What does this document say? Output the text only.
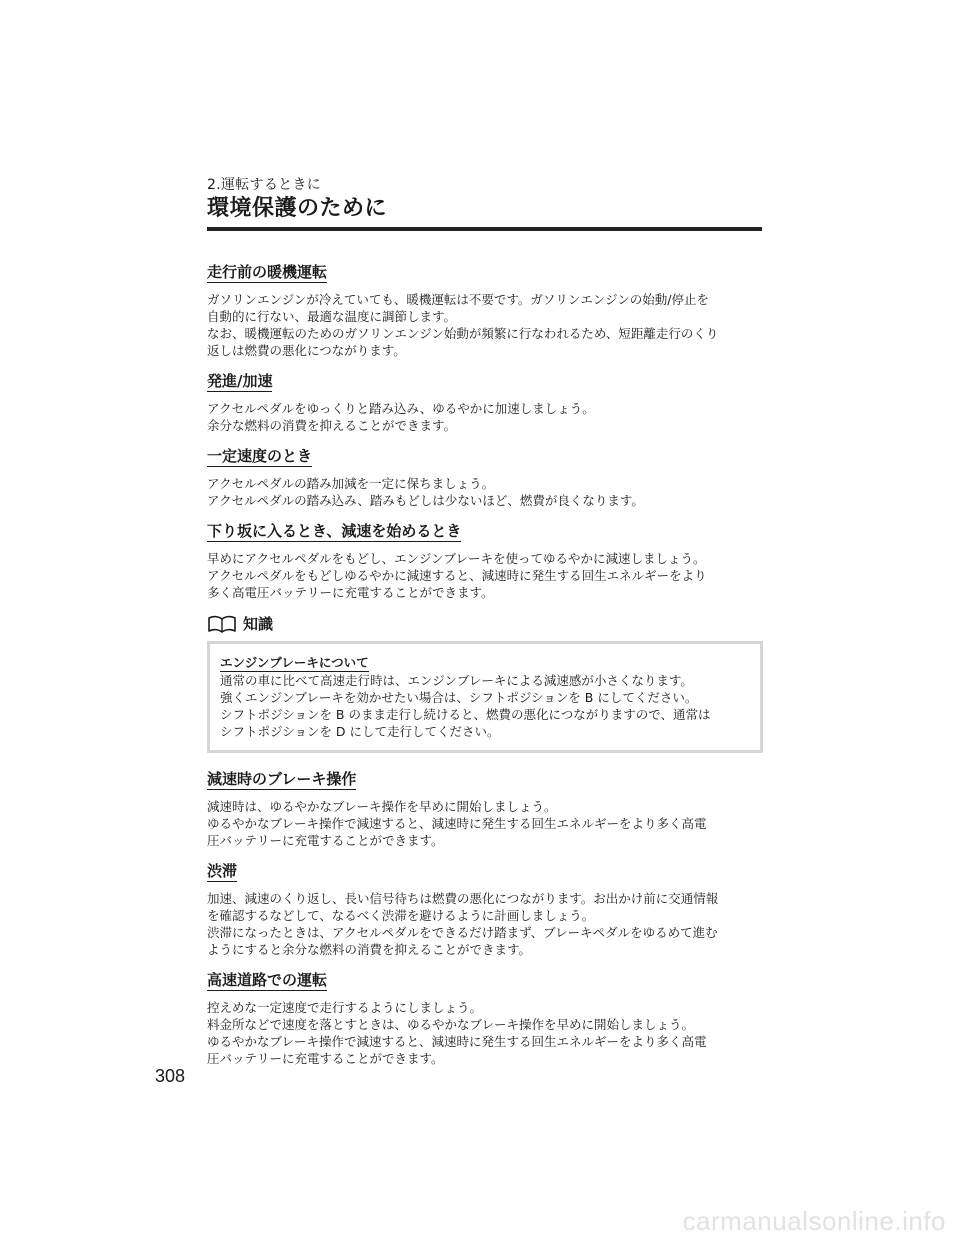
2.運転するときに

環境保護のために
走行前の暖機運転

ガソリンエンジンが冷えていても、暖機運転は不要です。ガソリンエンジンの始動/停止を

自動的に行ない、最適な温度に調節します。

なお、暖機運転のためのガソリンエンジン始動が頻繁に行なわれるため、短距離走行のくり

返しは燃費の悪化につながります。

発進/加速

アクセルペダルをゆっくりと踏み込み、ゆるやかに加速しましょう。

余分な燃料の消費を抑えることができます。

一定速度のとき

アクセルペダルの踏み加減を一定に保ちましょう。

アクセルペダルの踏み込み、踏みもどしは少ないほど、燃費が良くなります。

下り坂に入るとき、減速を始めるとき

早めにアクセルペダルをもどし、エンジンブレーキを使ってゆるやかに減速しましょう。

アクセルペダルをもどしゆるやかに減速すると、減速時に発生する回生エネルギーをより

多く高電圧バッテリーに充電することができます。

知識

エンジンブレーキについて

通常の車に比べて高速走行時は、エンジンブレーキによる減速感が小さくなります。

強くエンジンブレーキを効かせたい場合は、シフトポジションを B にしてください。

シフトポジションを B のまま走行し続けると、燃費の悪化につながりますので、通常は

シフトポジションを D にして走行してください。

減速時のブレーキ操作

減速時は、ゆるやかなブレーキ操作を早めに開始しましょう。

ゆるやかなブレーキ操作で減速すると、減速時に発生する回生エネルギーをより多く高電

圧バッテリーに充電することができます。

渋滞

加速、減速のくり返し、長い信号待ちは燃費の悪化につながります。お出かけ前に交通情報

を確認するなどして、なるべく渋滞を避けるように計画しましょう。

渋滞になったときは、アクセルペダルをできるだけ踏まず、ブレーキペダルをゆるめて進む

ようにすると余分な燃料の消費を抑えることができます。

高速道路での運転

控えめな一定速度で走行するようにしましょう。

料金所などで速度を落とすときは、ゆるやかなブレーキ操作を早めに開始しましょう。

ゆるやかなブレーキ操作で減速すると、減速時に発生する回生エネルギーをより多く高電

圧バッテリーに充電することができます。

308
carmanualsonline.info
